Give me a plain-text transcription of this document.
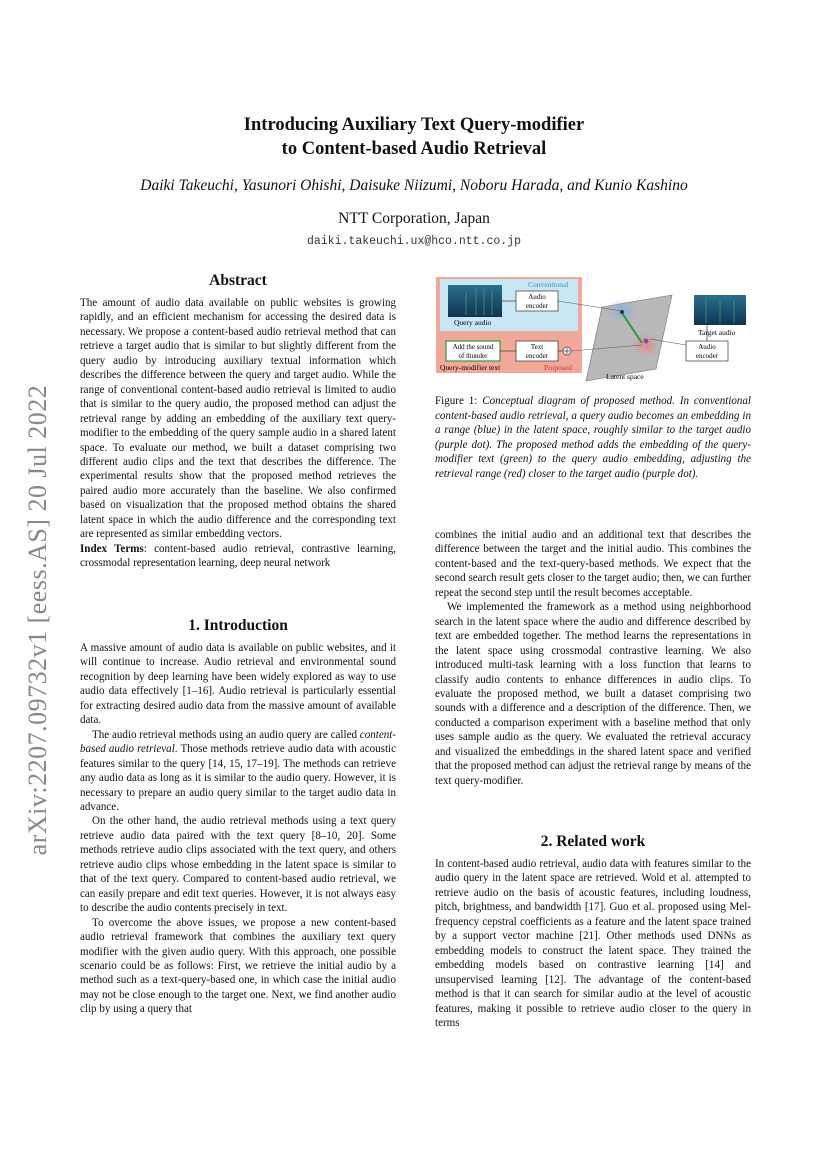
arXiv:2207.09732v1 [eess.AS] 20 Jul 2022
Introducing Auxiliary Text Query-modifier
to Content-based Audio Retrieval
Daiki Takeuchi, Yasunori Ohishi, Daisuke Niizumi, Noboru Harada, and Kunio Kashino
NTT Corporation, Japan
daiki.takeuchi.ux@hco.ntt.co.jp
Abstract

The amount of audio data available on public websites is growing rapidly, and an efficient mechanism for accessing the desired data is necessary. We propose a content-based audio retrieval method that can retrieve a target audio that is similar to but slightly different from the query audio by introducing auxiliary textual information which describes the difference between the query and target audio. While the range of conventional content-based audio retrieval is limited to audio that is similar to the query audio, the proposed method can adjust the retrieval range by adding an embedding of the auxiliary text query-modifier to the embedding of the query sample audio in a shared latent space. To evaluate our method, we built a dataset comprising two different audio clips and the text that describes the difference. The experimental results show that the proposed method retrieves the paired audio more accurately than the baseline. We also confirmed based on visualization that the proposed method obtains the shared latent space in which the audio difference and the corresponding text are represented as similar embedding vectors.

Index Terms: content-based audio retrieval, contrastive learning, crossmodal representation learning, deep neural network

1. Introduction

A massive amount of audio data is available on public websites, and it will continue to increase. Audio retrieval and environmental sound recognition by deep learning have been widely explored as way to use audio data effectively [1–16]. Audio retrieval is particularly essential for extracting desired audio data from the massive amount of available data.

The audio retrieval methods using an audio query are called content-based audio retrieval. Those methods retrieve audio data with acoustic features similar to the query [14, 15, 17–19]. The methods can retrieve any audio data as long as it is similar to the audio query. However, it is necessary to prepare an audio query similar to the target audio data in advance.

On the other hand, the audio retrieval methods using a text query retrieve audio data paired with the text query [8–10, 20]. Some methods retrieve audio clips associated with the text query, and others retrieve audio clips whose embedding in the latent space is similar to that of the text query. Compared to content-based audio retrieval, we can easily prepare and edit text queries. However, it is not always easy to describe the audio contents precisely in text.

To overcome the above issues, we propose a new content-based audio retrieval framework that combines the auxiliary text query modifier with the given audio query. With this approach, one possible scenario could be as follows: First, we retrieve the initial audio by a method such as a text-query-based one, in which case the initial audio may not be close enough to the target one. Next, we find another audio clip by using a query that

Conventional
Query audio
Audio
encoder
Add the sound
of thunder
Text
encoder
Query-modifier text	Proposed
Latent space
Target audio
Audio
encoder
Figure 1: Conceptual diagram of proposed method. In conventional content-based audio retrieval, a query audio becomes an embedding in a range (blue) in the latent space, roughly similar to the target audio (purple dot). The proposed method adds the embedding of the query-modifier text (green) to the query audio embedding, adjusting the retrieval range (red) closer to the target audio (purple dot).

combines the initial audio and an additional text that describes the difference between the target and the initial audio. This combines the content-based and the text-query-based methods. We expect that the second search result gets closer to the target audio; then, we can further repeat the second step until the result becomes acceptable.

We implemented the framework as a method using neighborhood search in the latent space where the audio and difference described by text are embedded together. The method learns the representations in the latent space using crossmodal contrastive learning. We also introduced multi-task learning with a loss function that learns to classify audio contents to enhance differences in audio clips. To evaluate the proposed method, we built a dataset comprising two sounds with a difference and a description of the difference. Then, we conducted a comparison experiment with a baseline method that only uses sample audio as the query. We evaluated the retrieval accuracy and visualized the embeddings in the shared latent space and verified that the proposed method can adjust the retrieval range by means of the text query-modifier.

2. Related work

In content-based audio retrieval, audio data with features similar to the audio query in the latent space are retrieved. Wold et al. attempted to retrieve audio on the basis of acoustic features, including loudness, pitch, brightness, and bandwidth [17]. Guo et al. proposed using Mel-frequency cepstral coefficients as a feature and the latent space trained by a support vector machine [21]. Other methods used DNNs as embedding models to construct the latent space. They trained the embedding models based on contrastive learning [14] and unsupervised learning [12]. The advantage of the content-based method is that it can search for similar audio at the level of acoustic features, making it possible to retrieve audio closer to the query in terms
